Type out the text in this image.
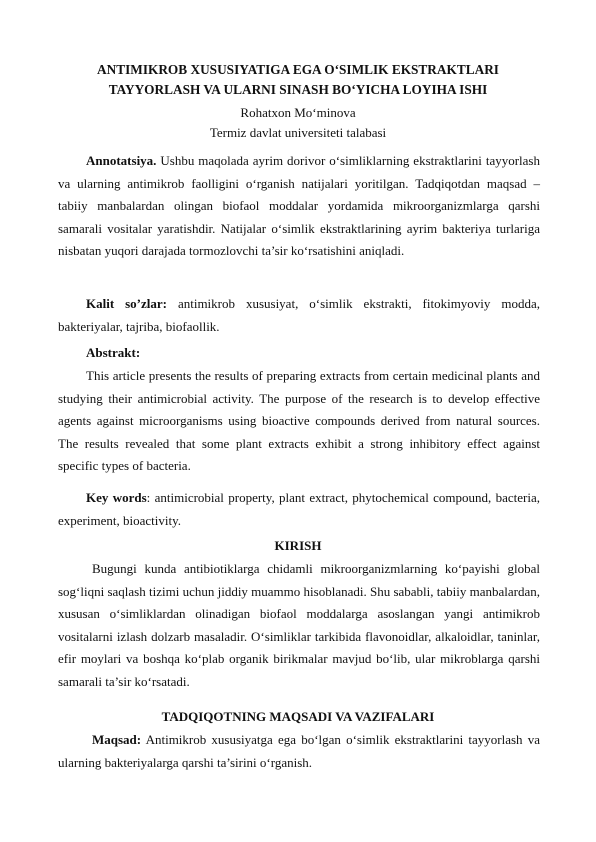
ANTIMIKROB XUSUSIYATIGA EGA O‘SIMLIK EKSTRAKTLARI
TAYYORLASH VA ULARNI SINASH BO‘YICHA LOYIHA ISHI
Rohatxon Mo‘minova
Termiz davlat universiteti talabasi
Annotatsiya. Ushbu maqolada ayrim dorivor o‘simliklarning ekstraktlarini tayyorlash va ularning antimikrob faolligini o‘rganish natijalari yoritilgan. Tadqiqotdan maqsad – tabiiy manbalardan olingan biofaol moddalar yordamida mikroorganizmlarga qarshi samarali vositalar yaratishdir. Natijalar o‘simlik ekstraktlarining ayrim bakteriya turlariga nisbatan yuqori darajada tormozlovchi ta’sir ko‘rsatishini aniqladi.
Kalit so’zlar: antimikrob xususiyat, o‘simlik ekstrakti, fitokimyoviy modda, bakteriyalar, tajriba, biofaollik.
Abstrakt:
This article presents the results of preparing extracts from certain medicinal plants and studying their antimicrobial activity. The purpose of the research is to develop effective agents against microorganisms using bioactive compounds derived from natural sources. The results revealed that some plant extracts exhibit a strong inhibitory effect against specific types of bacteria.
Key words: antimicrobial property, plant extract, phytochemical compound, bacteria, experiment, bioactivity.
KIRISH
Bugungi kunda antibiotiklarga chidamli mikroorganizmlarning ko‘payishi global sog‘liqni saqlash tizimi uchun jiddiy muammo hisoblanadi. Shu sababli, tabiiy manbalardan, xususan o‘simliklardan olinadigan biofaol moddalarga asoslangan yangi antimikrob vositalarni izlash dolzarb masaladir. O‘simliklar tarkibida flavonoidlar, alkaloidlar, taninlar, efir moylari va boshqa ko‘plab organik birikmalar mavjud bo‘lib, ular mikroblarga qarshi samarali ta’sir ko‘rsatadi.
TADQIQOTNING MAQSADI VA VAZIFALARI
Maqsad: Antimikrob xususiyatga ega bo‘lgan o‘simlik ekstraktlarini tayyorlash va ularning bakteriyalarga qarshi ta’sirini o‘rganish.
